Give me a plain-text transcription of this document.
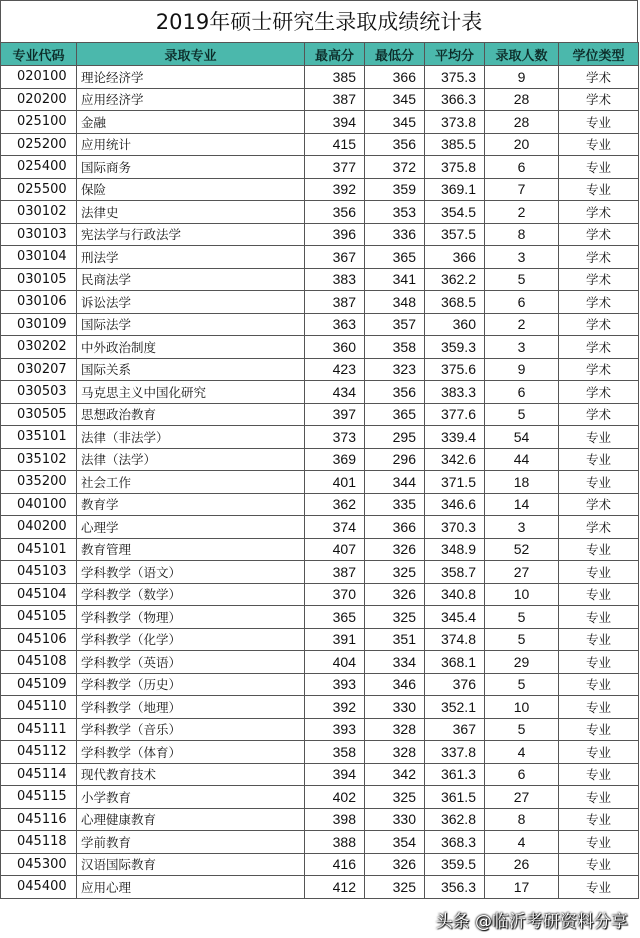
2019年硕士研究生录取成绩统计表
专业代码	录取专业	最高分	最低分	平均分	录取人数	学位类型
020100	理论经济学	385	366	375.3	9	学术
020200	应用经济学	387	345	366.3	28	学术
025100	金融	394	345	373.8	28	专业
025200	应用统计	415	356	385.5	20	专业
025400	国际商务	377	372	375.8	6	专业
025500	保险	392	359	369.1	7	专业
030102	法律史	356	353	354.5	2	学术
030103	宪法学与行政法学	396	336	357.5	8	学术
030104	刑法学	367	365	366	3	学术
030105	民商法学	383	341	362.2	5	学术
030106	诉讼法学	387	348	368.5	6	学术
030109	国际法学	363	357	360	2	学术
030202	中外政治制度	360	358	359.3	3	学术
030207	国际关系	423	323	375.6	9	学术
030503	马克思主义中国化研究	434	356	383.3	6	学术
030505	思想政治教育	397	365	377.6	5	学术
035101	法律（非法学）	373	295	339.4	54	专业
035102	法律（法学）	369	296	342.6	44	专业
035200	社会工作	401	344	371.5	18	专业
040100	教育学	362	335	346.6	14	学术
040200	心理学	374	366	370.3	3	学术
045101	教育管理	407	326	348.9	52	专业
045103	学科教学（语文）	387	325	358.7	27	专业
045104	学科教学（数学）	370	326	340.8	10	专业
045105	学科教学（物理）	365	325	345.4	5	专业
045106	学科教学（化学）	391	351	374.8	5	专业
045108	学科教学（英语）	404	334	368.1	29	专业
045109	学科教学（历史）	393	346	376	5	专业
045110	学科教学（地理）	392	330	352.1	10	专业
045111	学科教学（音乐）	393	328	367	5	专业
045112	学科教学（体育）	358	328	337.8	4	专业
045114	现代教育技术	394	342	361.3	6	专业
045115	小学教育	402	325	361.5	27	专业
045116	心理健康教育	398	330	362.8	8	专业
045118	学前教育	388	354	368.3	4	专业
045300	汉语国际教育	416	326	359.5	26	专业
045400	应用心理	412	325	356.3	17	专业
头条 @临沂考研资料分享
